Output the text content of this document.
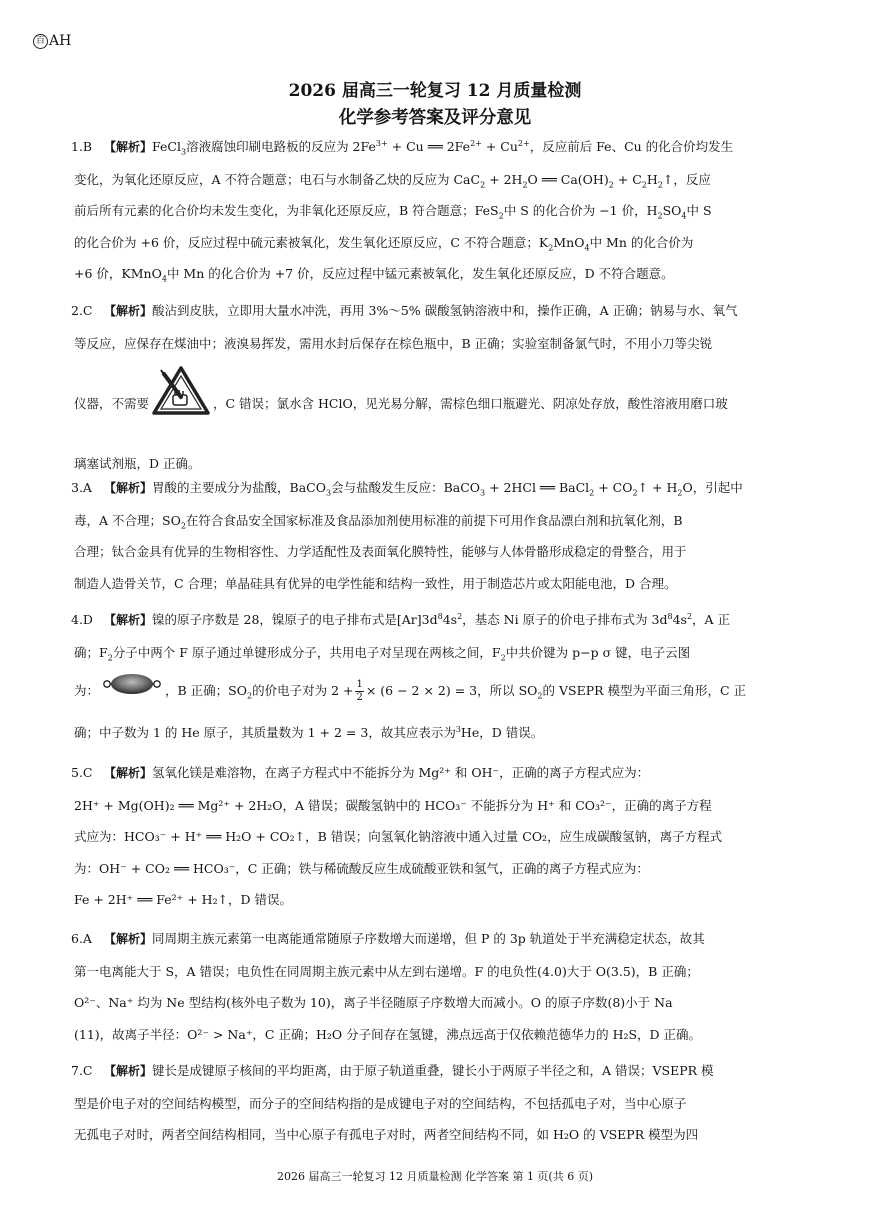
百 AH
2026 届高三一轮复习 12 月质量检测
化学参考答案及评分意见

1.B 【解析】FeCl$_3$溶液腐蚀印刷电路板的反应为 $2Fe^{3+} + Cu$ ══ $2Fe^{2+} + Cu^{2+}$，反应前后 Fe、Cu 的化合价均发生

变化，为氧化还原反应，A 不符合题意；电石与水制备乙炔的反应为 $CaC_2 + 2H_2O$ ══ $Ca(OH)_2$ + $C_2H_2↑$，反应

前后所有元素的化合价均未发生变化，为非氧化还原反应，B 符合题意；FeS$_2$中 S 的化合价为 −1 价，$H_2SO_4$中 S

的化合价为 +6 价，反应过程中硫元素被氧化，发生氧化还原反应，C 不符合题意；$K_2MnO_4$中 Mn 的化合价为

+6 价，KMnO$_4$中 Mn 的化合价为 +7 价，反应过程中锰元素被氧化，发生氧化还原反应，D 不符合题意。

2.C 【解析】酸沾到皮肤，立即用大量水冲洗，再用 3%～5% 碳酸氢钠溶液中和，操作正确，A 正确；钠易与水、氧气

等反应，应保存在煤油中；液溴易挥发，需用水封后保存在棕色瓶中，B 正确；实验室制备氯气时，不用小刀等尖锐

仪器，不需要	，C 错误；氯水含 HClO，见光易分解，需棕色细口瓶避光、阴凉处存放，酸性溶液用磨口玻

璃塞试剂瓶，D 正确。

3.A 【解析】胃酸的主要成分为盐酸，BaCO$_3$会与盐酸发生反应：BaCO$_3$ + 2HCl ══ BaCl$_2$ + $CO_2↑ + H_2O$，引起中

毒，A 不合理；$SO_2$在符合食品安全国家标准及食品添加剂使用标准的前提下可用作食品漂白剂和抗氧化剂，B

合理；钛合金具有优异的生物相容性、力学适配性及表面氧化膜特性，能够与人体骨骼形成稳定的骨整合，用于

制造人造骨关节，C 合理；单晶硅具有优异的电学性能和结构一致性，用于制造芯片或太阳能电池，D 合理。

4.D 【解析】镍的原子序数是 28，镍原子的电子排布式是$[Ar]3d^84s^2$，基态 Ni 原子的价电子排布式为 $3d^84s^2$，A 正

确；$F_2$分子中两个 F 原子通过单键形成分子，共用电子对呈现在两核之间，$F_2$中共价键为 p−p σ 键，电子云图

为：	，B 正确；$SO_2$的价电子对为 $2 + \frac{1}{2} \times (6 - 2 \times 2) = 3$，所以 $SO_2$的 VSEPR 模型为平面三角形，C 正

确；中子数为 1 的 He 原子，其质量数为 1 + 2 = 3，故其应表示为$^3$He，D 错误。

5.C 【解析】氢氧化镁是难溶物，在离子方程式中不能拆分为 Mg²⁺ 和 OH⁻，正确的离子方程式应为：

2H⁺ + Mg(OH)₂ ══ Mg²⁺ + 2H₂O，A 错误；碳酸氢钠中的 HCO₃⁻ 不能拆分为 H⁺ 和 CO₃²⁻，正确的离子方程

式应为：HCO₃⁻ + H⁺ ══ H₂O + CO₂↑，B 错误；向氢氧化钠溶液中通入过量 CO₂，应生成碳酸氢钠，离子方程式

为：OH⁻ + CO₂ ══ HCO₃⁻，C 正确；铁与稀硫酸反应生成硫酸亚铁和氢气，正确的离子方程式应为：

Fe + 2H⁺ ══ Fe²⁺ + H₂↑，D 错误。

6.A 【解析】同周期主族元素第一电离能通常随原子序数增大而递增，但 P 的 3p 轨道处于半充满稳定状态，故其

第一电离能大于 S，A 错误；电负性在同周期主族元素中从左到右递增。F 的电负性(4.0)大于 O(3.5)，B 正确；

O²⁻、Na⁺ 均为 Ne 型结构(核外电子数为 10)，离子半径随原子序数增大而减小。O 的原子序数(8)小于 Na

(11)，故离子半径：O²⁻ > Na⁺，C 正确；H₂O 分子间存在氢键，沸点远高于仅依赖范德华力的 H₂S，D 正确。

7.C 【解析】键长是成键原子核间的平均距离，由于原子轨道重叠，键长小于两原子半径之和，A 错误；VSEPR 模

型是价电子对的空间结构模型，而分子的空间结构指的是成键电子对的空间结构，不包括孤电子对，当中心原子

无孤电子对时，两者空间结构相同，当中心原子有孤电子对时，两者空间结构不同，如 H₂O 的 VSEPR 模型为四

2026 届高三一轮复习 12 月质量检测 化学答案 第 1 页(共 6 页)
